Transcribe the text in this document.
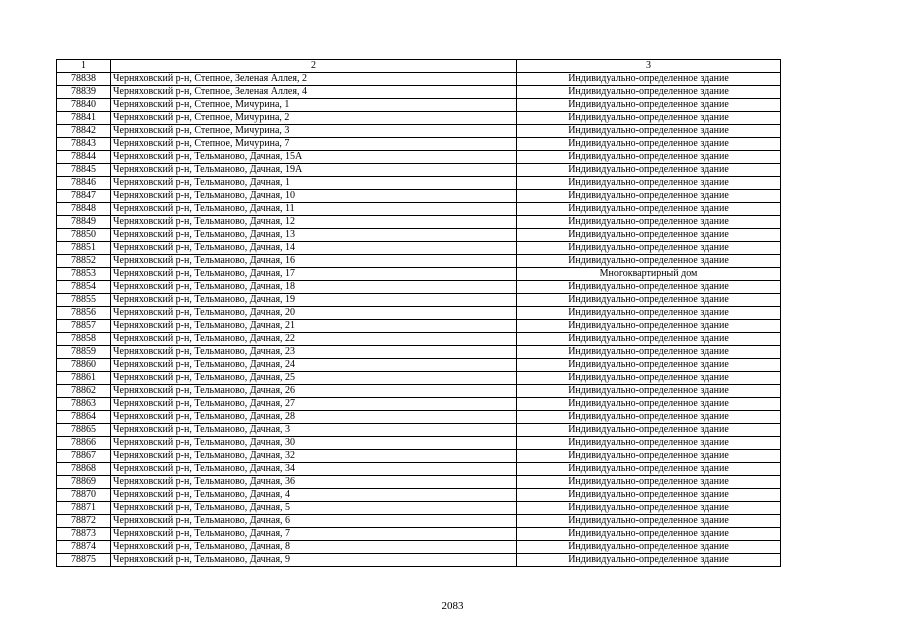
1	2	3
78838	Черняховский р-н, Степное, Зеленая Аллея, 2	Индивидуально-определенное здание
78839	Черняховский р-н, Степное, Зеленая Аллея, 4	Индивидуально-определенное здание
78840	Черняховский р-н, Степное, Мичурина, 1	Индивидуально-определенное здание
78841	Черняховский р-н, Степное, Мичурина, 2	Индивидуально-определенное здание
78842	Черняховский р-н, Степное, Мичурина, 3	Индивидуально-определенное здание
78843	Черняховский р-н, Степное, Мичурина, 7	Индивидуально-определенное здание
78844	Черняховский р-н, Тельманово, Дачная, 15А	Индивидуально-определенное здание
78845	Черняховский р-н, Тельманово, Дачная, 19А	Индивидуально-определенное здание
78846	Черняховский р-н, Тельманово, Дачная, 1	Индивидуально-определенное здание
78847	Черняховский р-н, Тельманово, Дачная, 10	Индивидуально-определенное здание
78848	Черняховский р-н, Тельманово, Дачная, 11	Индивидуально-определенное здание
78849	Черняховский р-н, Тельманово, Дачная, 12	Индивидуально-определенное здание
78850	Черняховский р-н, Тельманово, Дачная, 13	Индивидуально-определенное здание
78851	Черняховский р-н, Тельманово, Дачная, 14	Индивидуально-определенное здание
78852	Черняховский р-н, Тельманово, Дачная, 16	Индивидуально-определенное здание
78853	Черняховский р-н, Тельманово, Дачная, 17	Многоквартирный дом
78854	Черняховский р-н, Тельманово, Дачная, 18	Индивидуально-определенное здание
78855	Черняховский р-н, Тельманово, Дачная, 19	Индивидуально-определенное здание
78856	Черняховский р-н, Тельманово, Дачная, 20	Индивидуально-определенное здание
78857	Черняховский р-н, Тельманово, Дачная, 21	Индивидуально-определенное здание
78858	Черняховский р-н, Тельманово, Дачная, 22	Индивидуально-определенное здание
78859	Черняховский р-н, Тельманово, Дачная, 23	Индивидуально-определенное здание
78860	Черняховский р-н, Тельманово, Дачная, 24	Индивидуально-определенное здание
78861	Черняховский р-н, Тельманово, Дачная, 25	Индивидуально-определенное здание
78862	Черняховский р-н, Тельманово, Дачная, 26	Индивидуально-определенное здание
78863	Черняховский р-н, Тельманово, Дачная, 27	Индивидуально-определенное здание
78864	Черняховский р-н, Тельманово, Дачная, 28	Индивидуально-определенное здание
78865	Черняховский р-н, Тельманово, Дачная, 3	Индивидуально-определенное здание
78866	Черняховский р-н, Тельманово, Дачная, 30	Индивидуально-определенное здание
78867	Черняховский р-н, Тельманово, Дачная, 32	Индивидуально-определенное здание
78868	Черняховский р-н, Тельманово, Дачная, 34	Индивидуально-определенное здание
78869	Черняховский р-н, Тельманово, Дачная, 36	Индивидуально-определенное здание
78870	Черняховский р-н, Тельманово, Дачная, 4	Индивидуально-определенное здание
78871	Черняховский р-н, Тельманово, Дачная, 5	Индивидуально-определенное здание
78872	Черняховский р-н, Тельманово, Дачная, 6	Индивидуально-определенное здание
78873	Черняховский р-н, Тельманово, Дачная, 7	Индивидуально-определенное здание
78874	Черняховский р-н, Тельманово, Дачная, 8	Индивидуально-определенное здание
78875	Черняховский р-н, Тельманово, Дачная, 9	Индивидуально-определенное здание
2083
